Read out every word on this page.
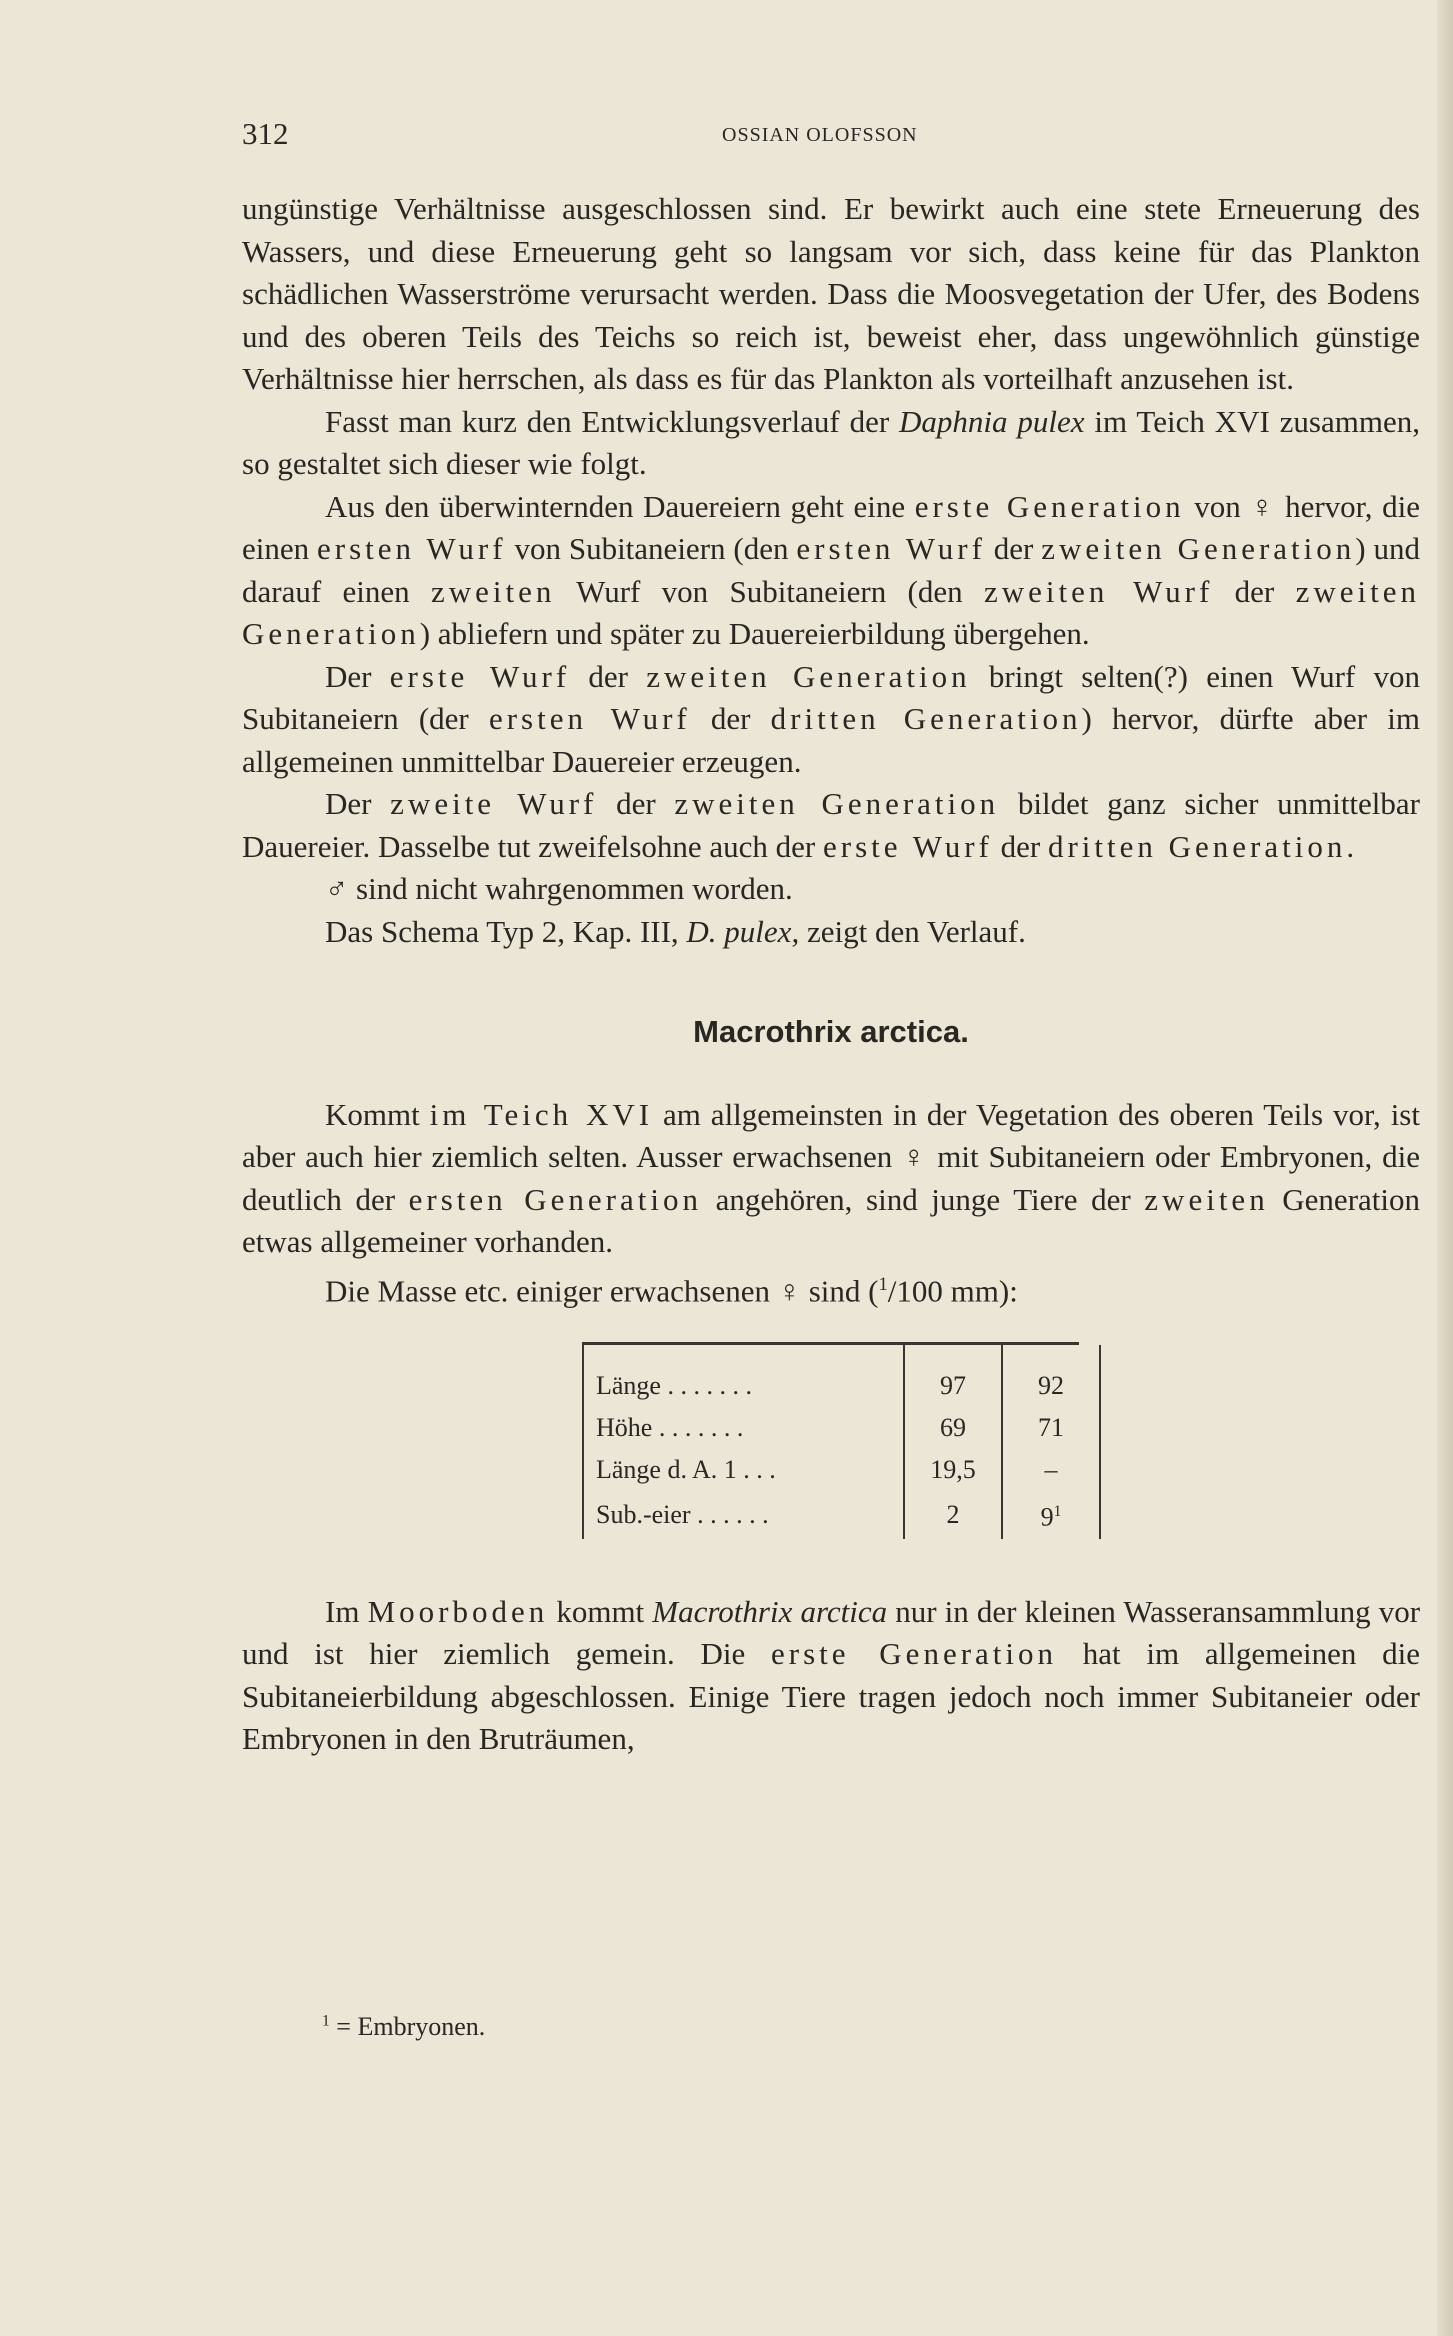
312	OSSIAN OLOFSSON

ungünstige Verhältnisse ausgeschlossen sind. Er bewirkt auch eine stete Erneuerung des Wassers, und diese Erneuerung geht so langsam vor sich, dass keine für das Plankton schädlichen Wasserströme verursacht werden. Dass die Moosvegetation der Ufer, des Bodens und des oberen Teils des Teichs so reich ist, beweist eher, dass ungewöhnlich günstige Verhältnisse hier herrschen, als dass es für das Plankton als vorteilhaft anzusehen ist.

Fasst man kurz den Entwicklungsverlauf der Daphnia pulex im Teich XVI zusammen, so gestaltet sich dieser wie folgt.

Aus den überwinternden Dauereiern geht eine erste Generation von ♀ hervor, die einen ersten Wurf von Subitaneiern (den ersten Wurf der zweiten Generation) und darauf einen zweiten Wurf von Subitaneiern (den zweiten Wurf der zweiten Generation) abliefern und später zu Dauereierbildung übergehen.

Der erste Wurf der zweiten Generation bringt selten(?) einen Wurf von Subitaneiern (der ersten Wurf der dritten Generation) hervor, dürfte aber im allgemeinen unmittelbar Dauereier erzeugen.

Der zweite Wurf der zweiten Generation bildet ganz sicher unmittelbar Dauereier. Dasselbe tut zweifelsohne auch der erste Wurf der dritten Generation.

♂ sind nicht wahrgenommen worden.

Das Schema Typ 2, Kap. III, D. pulex, zeigt den Verlauf.

Macrothrix arctica.

Kommt im Teich XVI am allgemeinsten in der Vegetation des oberen Teils vor, ist aber auch hier ziemlich selten. Ausser erwachsenen ♀ mit Subitaneiern oder Embryonen, die deutlich der ersten Generation angehören, sind junge Tiere der zweiten Generation etwas allgemeiner vorhanden.

Die Masse etc. einiger erwachsenen ♀ sind ($^1$/100 mm):

Länge . . . . . . .	97	92
Höhe . . . . . . .	69	71
Länge d. A. 1 . . .	19,5	–
Sub.-eier . . . . . .	2	$9^1$

Im Moorboden kommt Macrothrix arctica nur in der kleinen Wasseransammlung vor und ist hier ziemlich gemein. Die erste Generation hat im allgemeinen die Subitaneierbildung abgeschlossen. Einige Tiere tragen jedoch noch immer Subitaneier oder Embryonen in den Bruträumen,

$^1$ = Embryonen.
